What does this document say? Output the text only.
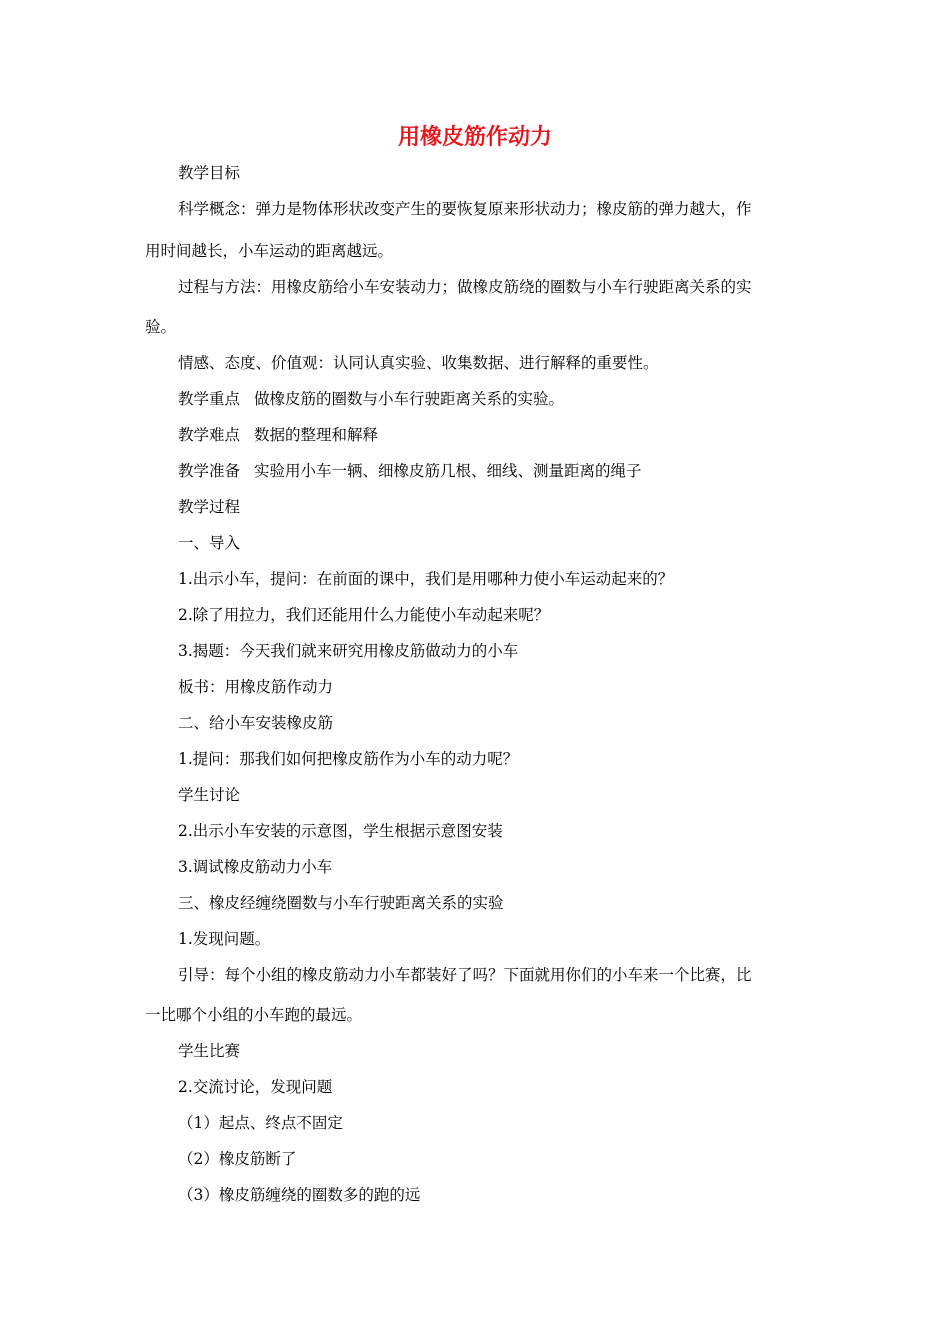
用橡皮筋作动力
教学目标
科学概念：弹力是物体形状改变产生的要恢复原来形状动力；橡皮筋的弹力越大，作
用时间越长，小车运动的距离越远。
过程与方法：用橡皮筋给小车安装动力；做橡皮筋绕的圈数与小车行驶距离关系的实
验。
情感、态度、价值观：认同认真实验、收集数据、进行解释的重要性。
教学重点 做橡皮筋的圈数与小车行驶距离关系的实验。
教学难点 数据的整理和解释
教学准备 实验用小车一辆、细橡皮筋几根、细线、测量距离的绳子
教学过程
一、导入
1.出示小车，提问：在前面的课中，我们是用哪种力使小车运动起来的？
2.除了用拉力，我们还能用什么力能使小车动起来呢？
3.揭题：今天我们就来研究用橡皮筋做动力的小车
板书：用橡皮筋作动力
二、给小车安装橡皮筋
1.提问：那我们如何把橡皮筋作为小车的动力呢？
学生讨论
2.出示小车安装的示意图，学生根据示意图安装
3.调试橡皮筋动力小车
三、橡皮经缠绕圈数与小车行驶距离关系的实验
1.发现问题。
引导：每个小组的橡皮筋动力小车都装好了吗？下面就用你们的小车来一个比赛，比
一比哪个小组的小车跑的最远。
学生比赛
2.交流讨论，发现问题
（1）起点、终点不固定
（2）橡皮筋断了
（3）橡皮筋缠绕的圈数多的跑的远
